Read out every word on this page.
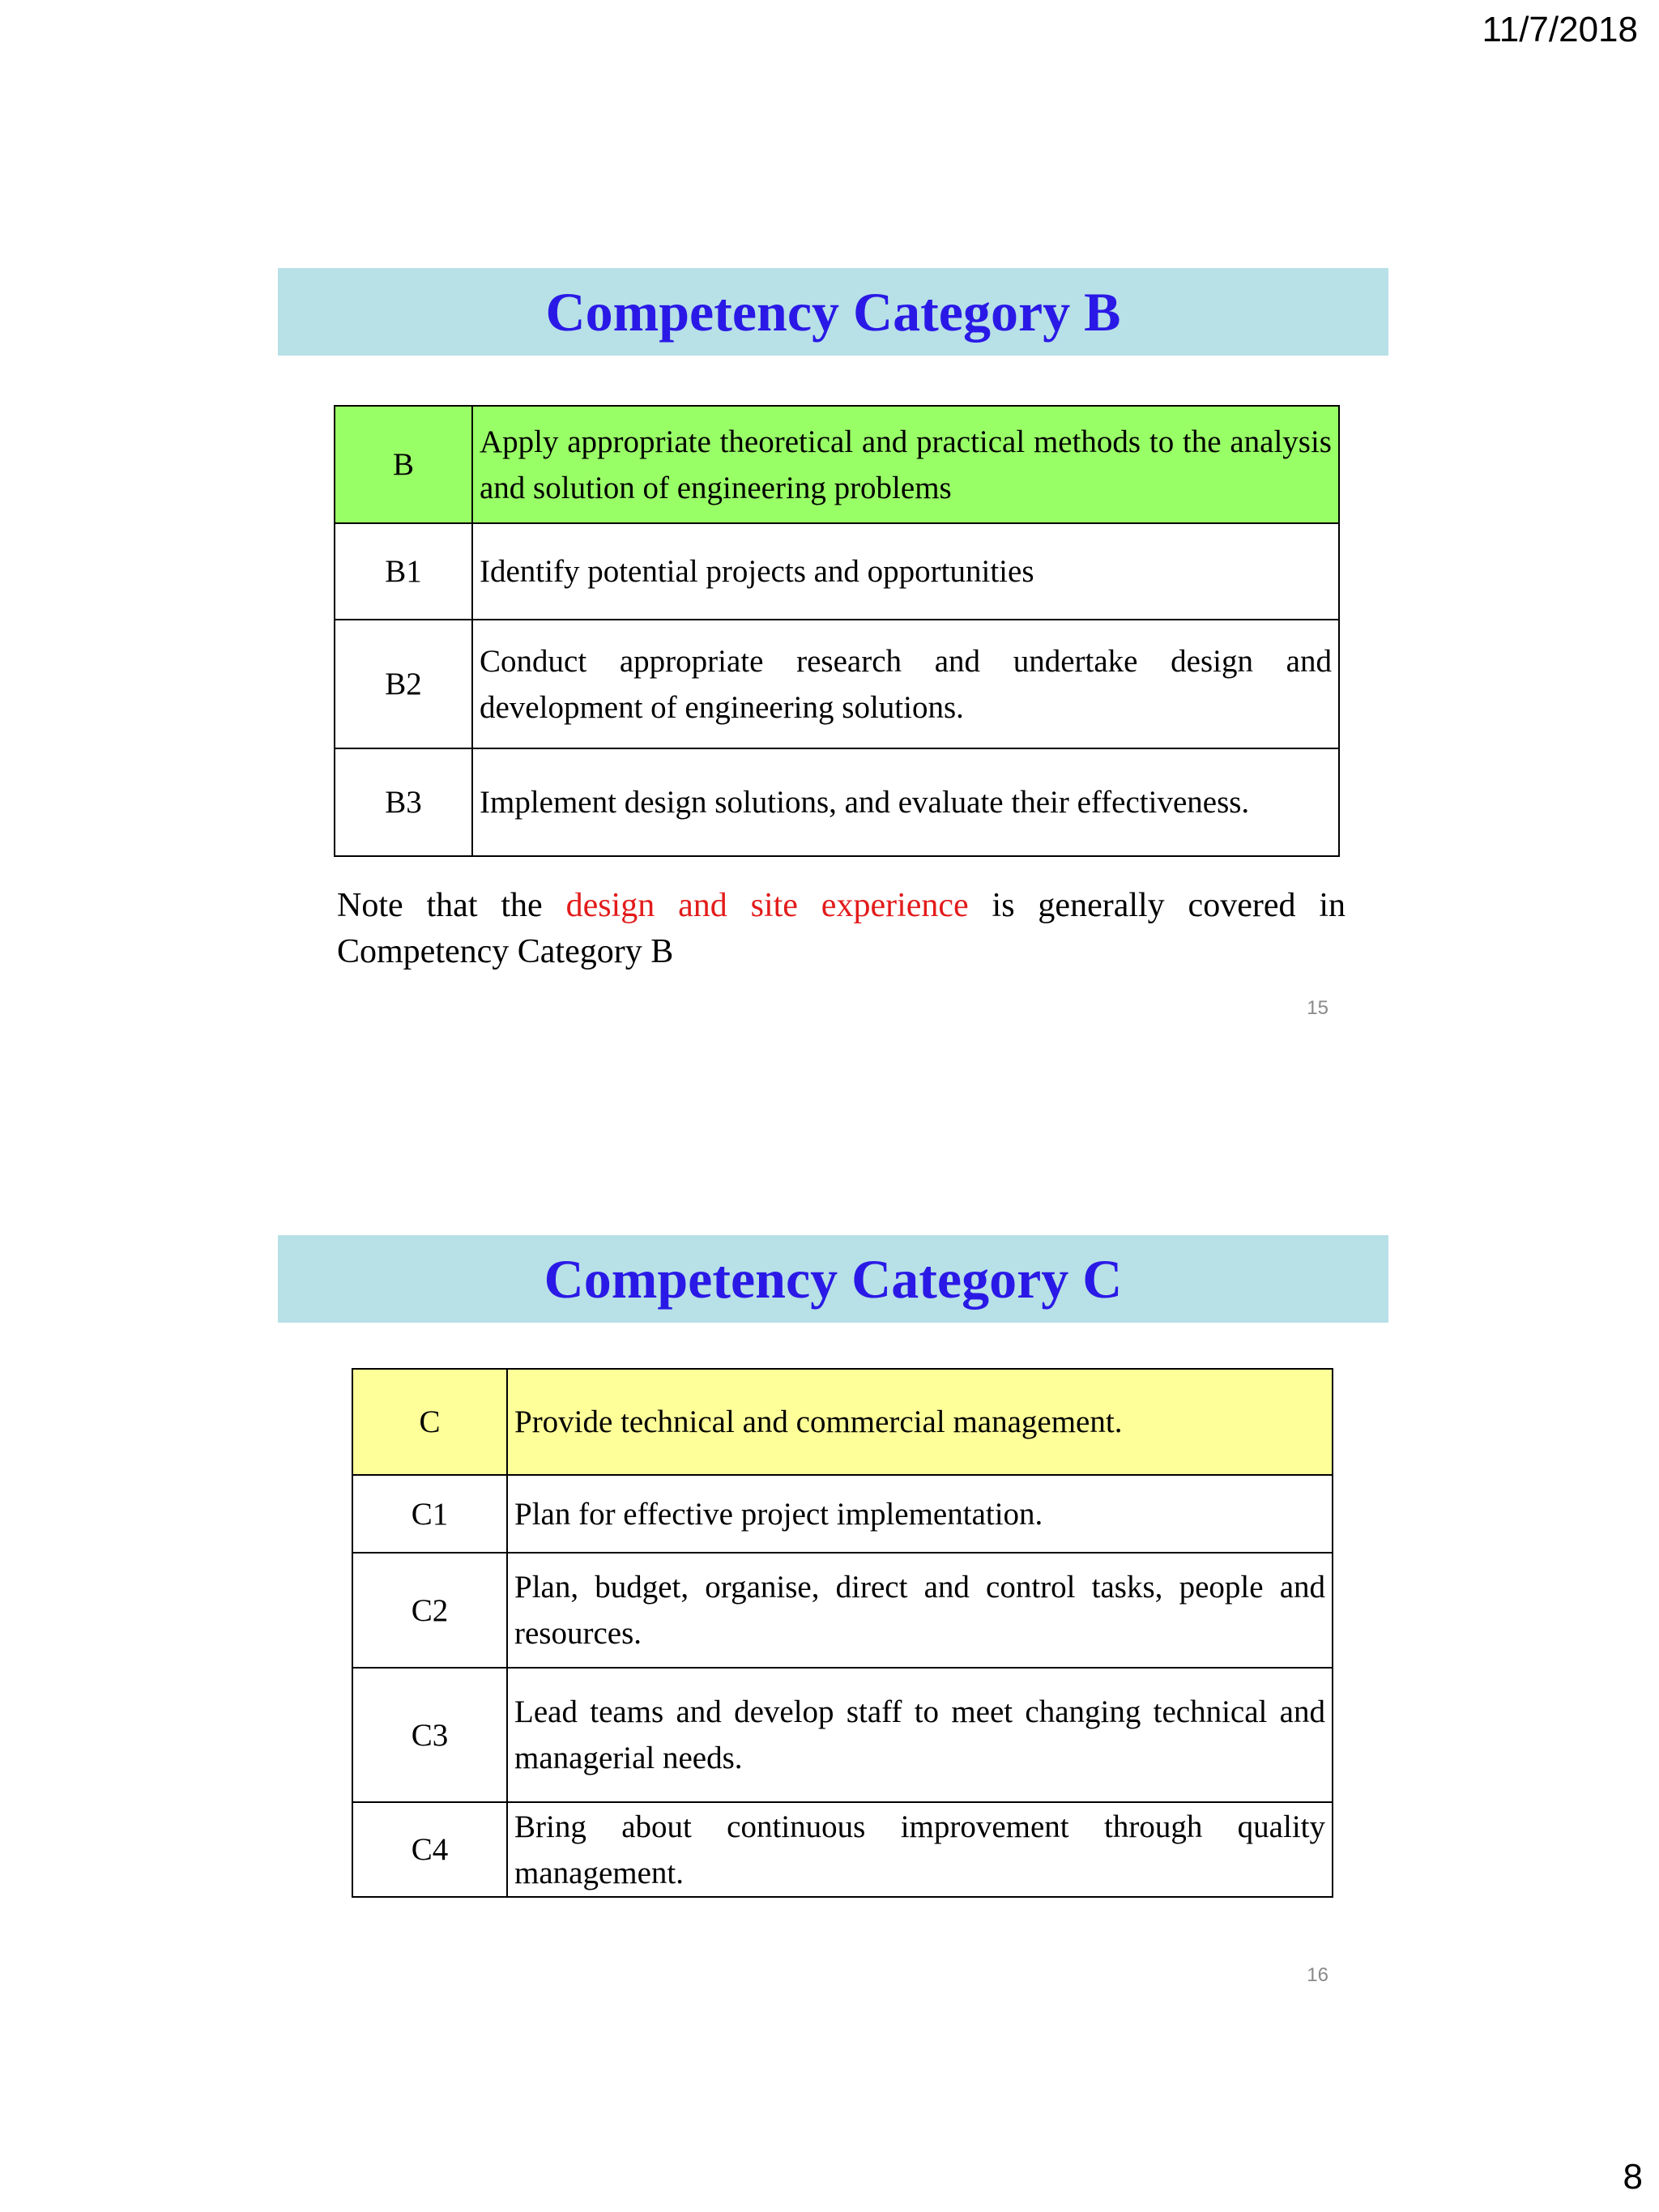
11/7/2018
Competency Category B
B	Apply appropriate theoretical and practical methods to the analysis and solution of engineering problems
B1	Identify potential projects and opportunities
B2	Conduct appropriate research and undertake design and development of engineering solutions.
B3	Implement design solutions, and evaluate their effectiveness.

Note that the design and site experience is generally covered in Competency Category B

15
Competency Category C
C	Provide technical and commercial management.
C1	Plan for effective project implementation.
C2	Plan, budget, organise, direct and control tasks, people and resources.
C3	Lead teams and develop staff to meet changing technical and managerial needs.
C4	Bring about continuous improvement through quality management.
16
8
